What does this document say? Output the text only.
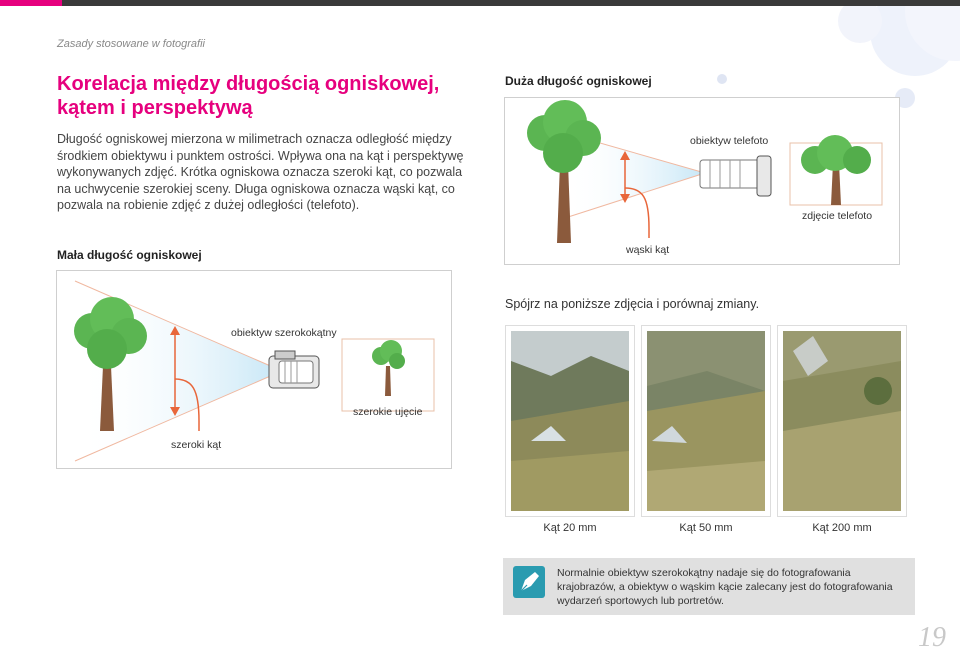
Zasady stosowane w fotografii
Korelacja między długością ogniskowej,
kątem i perspektywą
Długość ogniskowej mierzona w milimetrach oznacza odległość między środkiem obiektywu i punktem ostrości. Wpływa ona na kąt i perspektywę wykonywanych zdjęć. Krótka ogniskowa oznacza szeroki kąt, co pozwala na uchwycenie szerokiej sceny. Długa ogniskowa oznacza wąski kąt, co pozwala na robienie zdjęć z dużej odległości (telefoto).
Mała długość ogniskowej
obiektyw szerokokątny
szerokie ujęcie
szeroki kąt
Duża długość ogniskowej
obiektyw telefoto
zdjęcie telefoto
wąski kąt
Spójrz na poniższe zdjęcia i porównaj zmiany.
Kąt 20 mm	Kąt 50 mm	Kąt 200 mm
Normalnie obiektyw szerokokątny nadaje się do fotografowania krajobrazów, a obiektyw o wąskim kącie zalecany jest do fotografowania wydarzeń sportowych lub portretów.
19
